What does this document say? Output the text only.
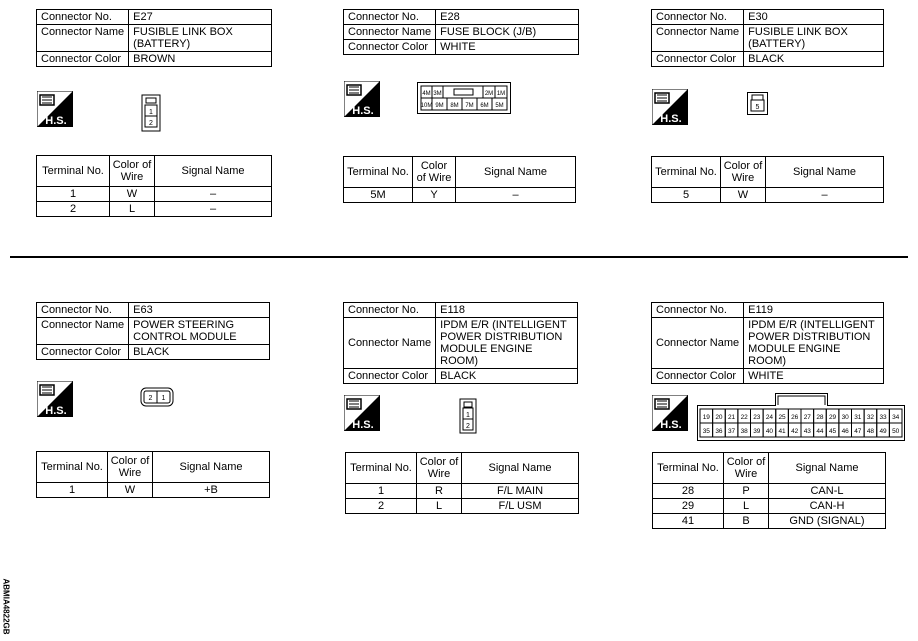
Connector No.	E27
Connector Name	FUSIBLE LINK BOX (BATTERY)
Connector Color	BROWN
H.S.
1
2
Terminal No.	Color of Wire	Signal Name
1	W	–
2	L	–
Connector No.	E28
Connector Name	FUSE BLOCK (J/B)
Connector Color	WHITE
H.S.
4M 3M	2M 1M
10M 9M 8M 7M 6M 5M
Terminal No.	Color of Wire	Signal Name
5M	Y	–
Connector No.	E30
Connector Name	FUSIBLE LINK BOX (BATTERY)
Connector Color	BLACK
H.S.
5
Terminal No.	Color of Wire	Signal Name
5	W	–
Connector No.	E63
Connector Name	POWER STEERING CONTROL MODULE
Connector Color	BLACK
H.S.
2 1
Terminal No.	Color of Wire	Signal Name
1	W	+B
Connector No.	E118
Connector Name	IPDM E/R (INTELLIGENT POWER DISTRIBUTION MODULE ENGINE ROOM)
Connector Color	BLACK
H.S.
1
2
Terminal No.	Color of Wire	Signal Name
1	R	F/L MAIN
2	L	F/L USM
Connector No.	E119
Connector Name	IPDM E/R (INTELLIGENT POWER DISTRIBUTION MODULE ENGINE ROOM)
Connector Color	WHITE
H.S.
19 20 21 22 23 24 25 26 27 28 29 30 31 32 33 34
35 36 37 38 39 40 41 42 43 44 45 46 47 48 49 50
Terminal No.	Color of Wire	Signal Name
28	P	CAN-L
29	L	CAN-H
41	B	GND (SIGNAL)
ABMIA4822GB
